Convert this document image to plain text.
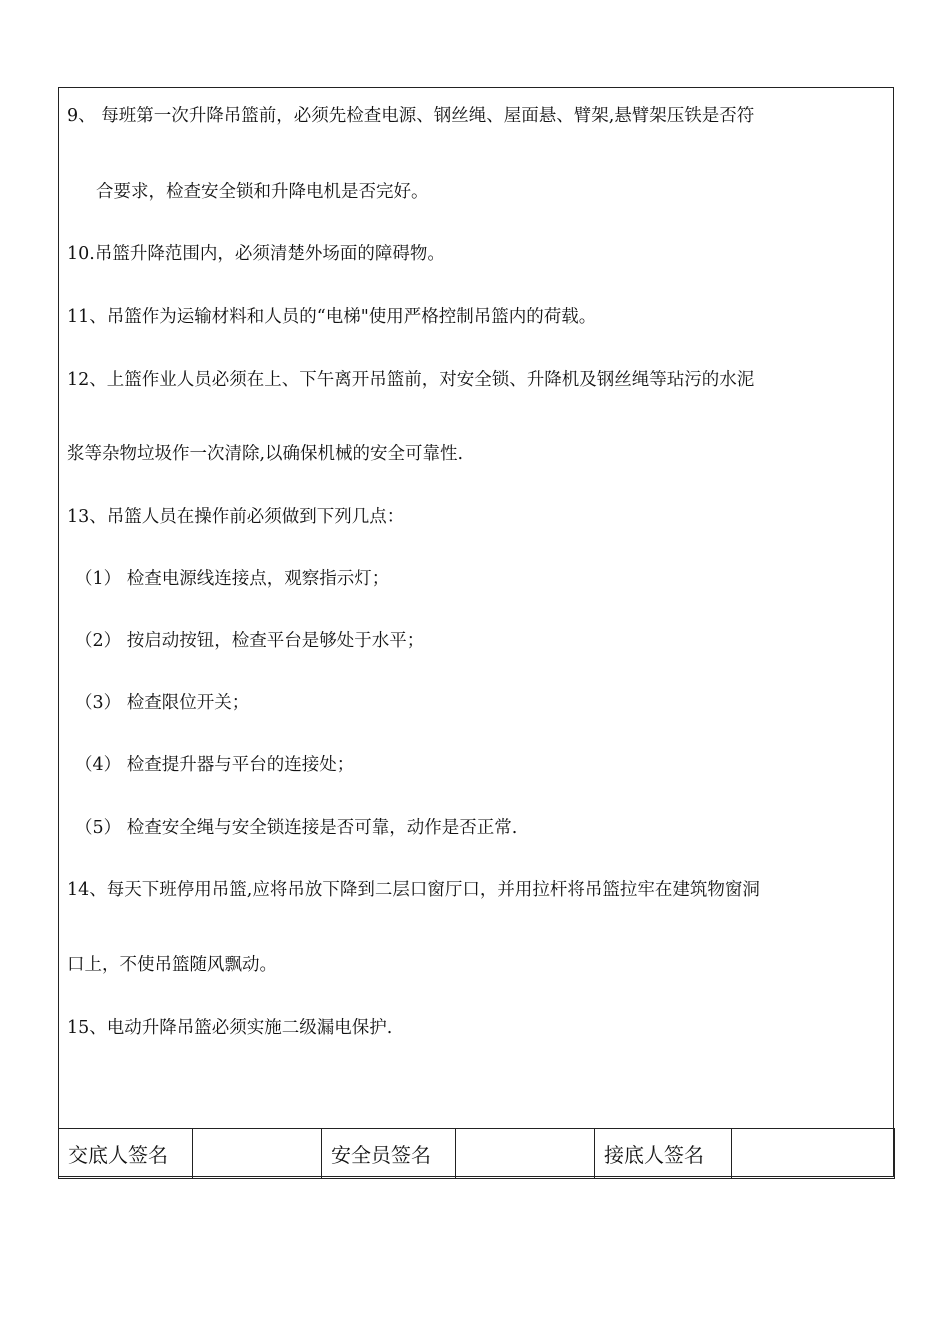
9、 每班第一次升降吊篮前，必须先检查电源、钢丝绳、屋面悬、臂架,悬臂架压铁是否符
合要求，检查安全锁和升降电机是否完好。
10.吊篮升降范围内，必须清楚外场面的障碍物。
11、吊篮作为运输材料和人员的“电梯"使用严格控制吊篮内的荷载。
12、上篮作业人员必须在上、下午离开吊篮前，对安全锁、升降机及钢丝绳等玷污的水泥
浆等杂物垃圾作一次清除,以确保机械的安全可靠性.
13、吊篮人员在操作前必须做到下列几点：
（1） 检查电源线连接点，观察指示灯；
（2） 按启动按钮，检查平台是够处于水平；
（3） 检查限位开关；
（4） 检查提升器与平台的连接处；
（5） 检查安全绳与安全锁连接是否可靠，动作是否正常.
14、每天下班停用吊篮,应将吊放下降到二层口窗厅口，并用拉杆将吊篮拉牢在建筑物窗洞
口上，不使吊篮随风飘动。
15、电动升降吊篮必须实施二级漏电保护.
交底人签名		安全员签名		接底人签名	
